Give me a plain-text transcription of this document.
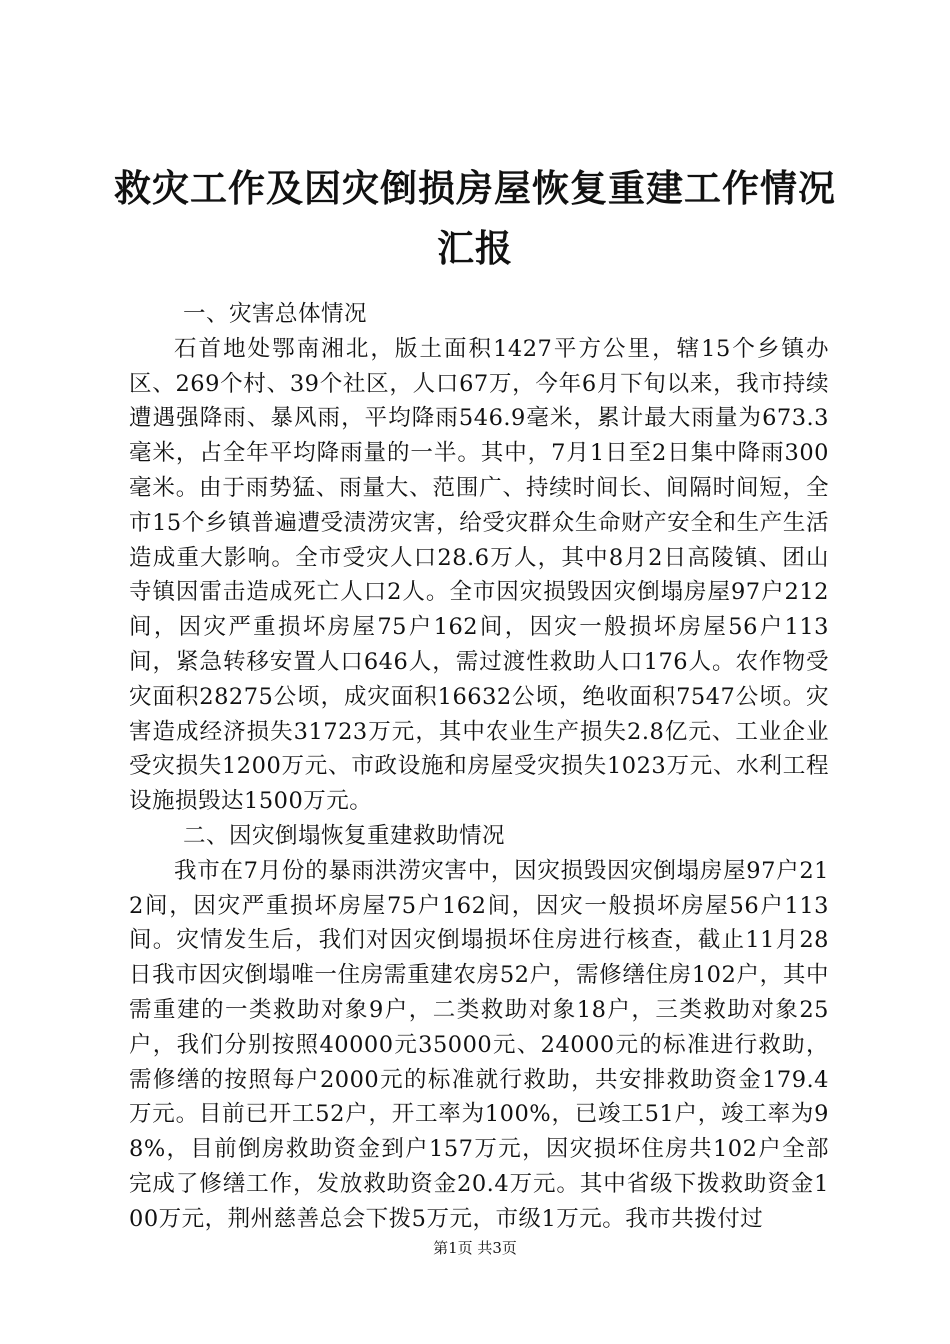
救灾工作及因灾倒损房屋恢复重建工作情况汇报
一、灾害总体情况

石首地处鄂南湘北，版土面积1427平方公里，辖15个乡镇办区、269个村、39个社区，人口67万，今年6月下旬以来，我市持续遭遇强降雨、暴风雨，平均降雨546.9毫米，累计最大雨量为673.3毫米，占全年平均降雨量的一半。其中，7月1日至2日集中降雨300毫米。由于雨势猛、雨量大、范围广、持续时间长、间隔时间短，全市15个乡镇普遍遭受渍涝灾害，给受灾群众生命财产安全和生产生活造成重大影响。全市受灾人口28.6万人，其中8月2日高陵镇、团山寺镇因雷击造成死亡人口2人。全市因灾损毁因灾倒塌房屋97户212间，因灾严重损坏房屋75户162间，因灾一般损坏房屋56户113间，紧急转移安置人口646人，需过渡性救助人口176人。农作物受灾面积28275公顷，成灾面积16632公顷，绝收面积7547公顷。灾害造成经济损失31723万元，其中农业生产损失2.8亿元、工业企业受灾损失1200万元、市政设施和房屋受灾损失1023万元、水利工程设施损毁达1500万元。

二、因灾倒塌恢复重建救助情况

我市在7月份的暴雨洪涝灾害中，因灾损毁因灾倒塌房屋97户212间，因灾严重损坏房屋75户162间，因灾一般损坏房屋56户113间。灾情发生后，我们对因灾倒塌损坏住房进行核查，截止11月28日我市因灾倒塌唯一住房需重建农房52户，需修缮住房102户，其中需重建的一类救助对象9户，二类救助对象18户，三类救助对象25户，我们分别按照40000元35000元、24000元的标准进行救助，需修缮的按照每户2000元的标准就行救助，共安排救助资金179.4万元。目前已开工52户，开工率为100%，已竣工51户，竣工率为98%，目前倒房救助资金到户157万元，因灾损坏住房共102户全部完成了修缮工作，发放救助资金20.4万元。其中省级下拨救助资金100万元，荆州慈善总会下拨5万元，市级1万元。我市共拨付过

第1页 共3页
